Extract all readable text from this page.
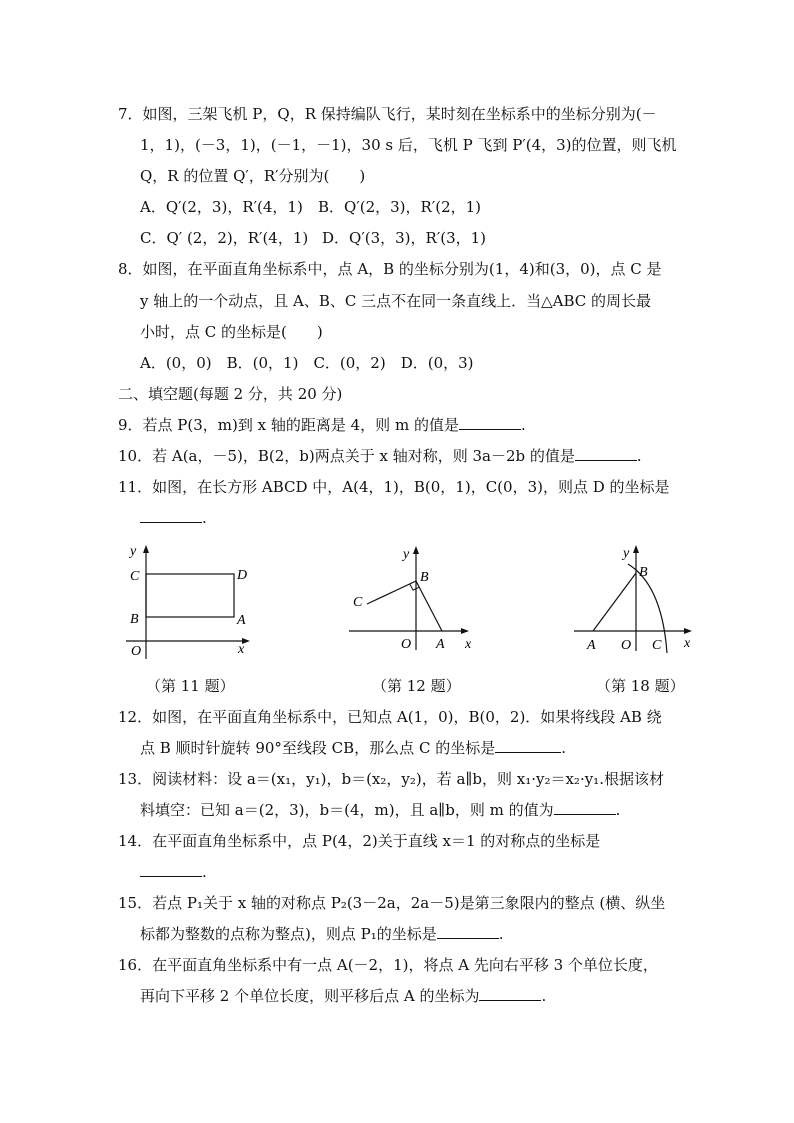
7．如图，三架飞机 P，Q，R 保持编队飞行，某时刻在坐标系中的坐标分别为(－
1，1)，(－3，1)，(－1，－1)，30 s 后，飞机 P 飞到 P′(4，3)的位置，则飞机
Q，R 的位置 Q′，R′分别为(　　)
A．Q′(2，3)，R′(4，1) B．Q′(2，3)，R′(2，1)
C．Q′ (2，2)，R′(4，1) D．Q′(3，3)，R′(3，1)
8．如图，在平面直角坐标系中，点 A，B 的坐标分别为(1，4)和(3，0)，点 C 是
y 轴上的一个动点，且 A、B、C 三点不在同一条直线上．当△ABC 的周长最
小时，点 C 的坐标是(　　)
A．(0，0)　B．(0，1)　C．(0，2)　D．(0，3)
二、填空题(每题 2 分，共 20 分)
9．若点 P(3，m)到 x 轴的距离是 4，则 m 的值是	.
10．若 A(a，－5)，B(2，b)两点关于 x 轴对称，则 3a－2b 的值是	.
11．如图，在长方形 ABCD 中，A(4，1)，B(0，1)，C(0，3)，则点 D 的坐标是
.
y
x
O
C
B
D
A
（第 11 题）
y
x
O A
B
C
（第 12 题）
y
x
O
A
B
C
（第 18 题）
12．如图，在平面直角坐标系中，已知点 A(1，0)，B(0，2)．如果将线段 AB 绕
点 B 顺时针旋转 90°至线段 CB，那么点 C 的坐标是	.
13．阅读材料：设 a＝(x₁，y₁)，b＝(x₂，y₂)，若 a∥b，则 x₁·y₂＝x₂·y₁.根据该材
料填空：已知 a＝(2，3)，b＝(4，m)，且 a∥b，则 m 的值为	.
14．在平面直角坐标系中，点 P(4，2)关于直线 x＝1 的对称点的坐标是
.
15．若点 P₁关于 x 轴的对称点 P₂(3－2a，2a－5)是第三象限内的整点 (横、纵坐
标都为整数的点称为整点)，则点 P₁的坐标是	.
16．在平面直角坐标系中有一点 A(－2，1)，将点 A 先向右平移 3 个单位长度，
再向下平移 2 个单位长度，则平移后点 A 的坐标为	.
